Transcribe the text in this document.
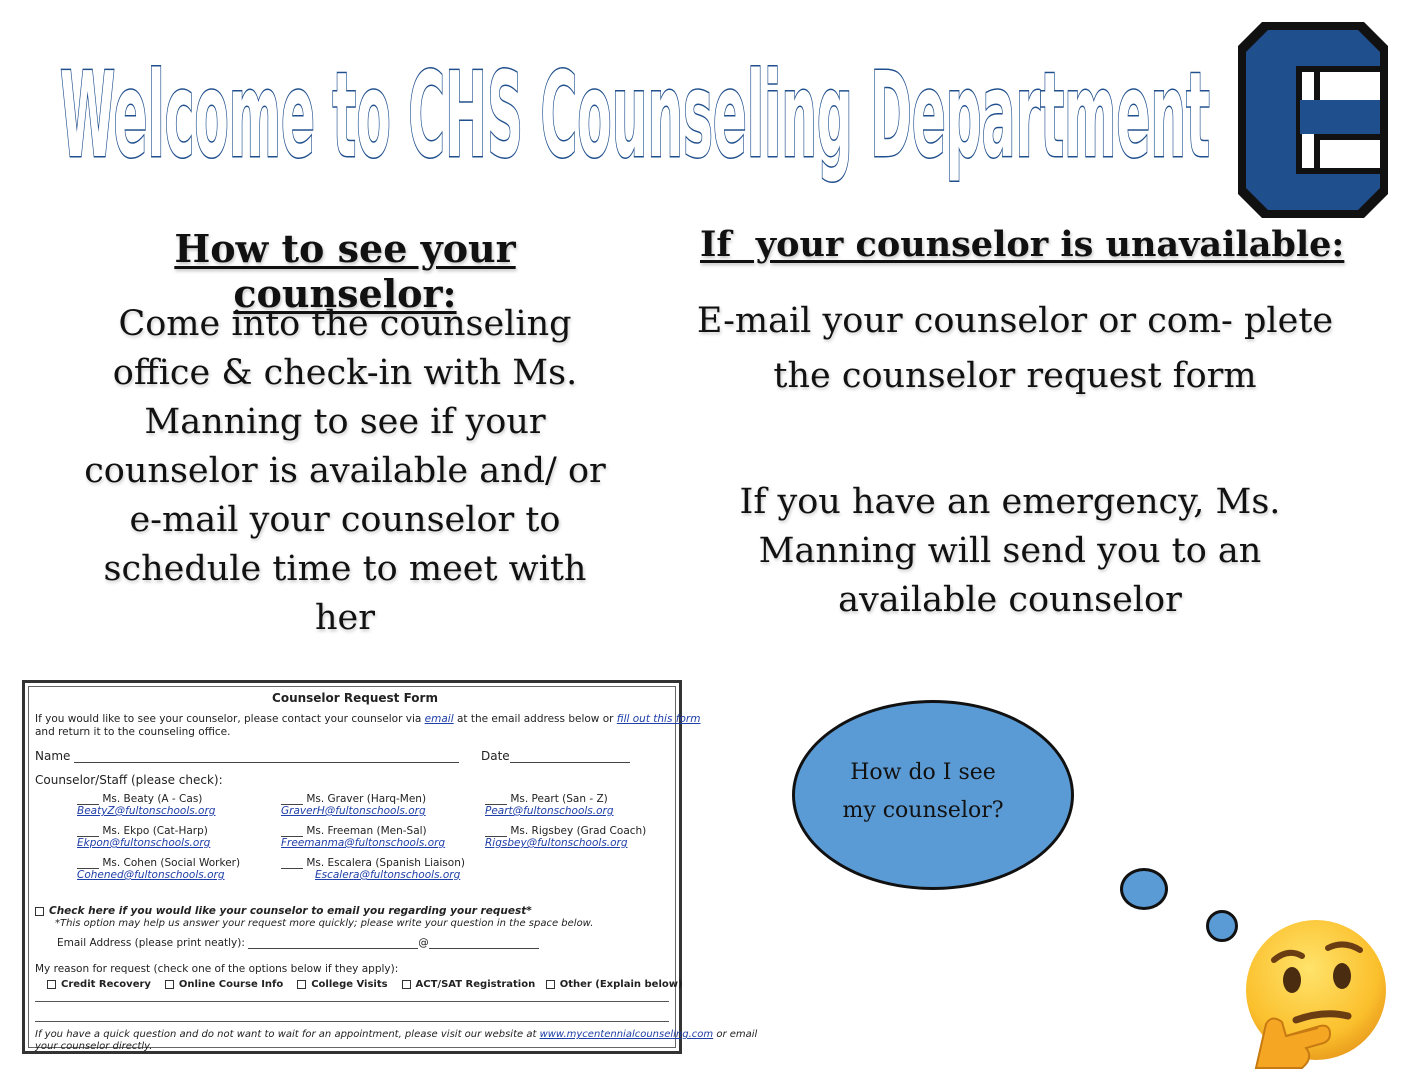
Welcome to CHS Counseling Department
How to see your counselor:
Come into the counseling office & check-in with Ms. Manning to see if your counselor is available and/ or e-mail your counselor to schedule time to meet with her
If  your counselor is unavailable:
E-mail your counselor or com- plete the counselor request form
If you have an emergency, Ms. Manning will send you to an available counselor
Counselor Request Form
If you would like to see your counselor, please contact your counselor via email at the email address below or fill out this form
and return it to the counseling office.
Name	Date
Counselor/Staff (please check):
Ms. Beaty (A - Cas)
BeatyZ@fultonschools.org
Ms. Graver (Harq-Men)
GraverH@fultonschools.org
Ms. Peart (San - Z)
Peart@fultonschools.org
Ms. Ekpo (Cat-Harp)
Ekpon@fultonschools.org
Ms. Freeman (Men-Sal)
Freemanma@fultonschools.org
Ms. Rigsbey (Grad Coach)
Rigsbey@fultonschools.org
Ms. Cohen (Social Worker)
Cohened@fultonschools.org
Ms. Escalera (Spanish Liaison)
Escalera@fultonschools.org
Check here if you would like your counselor to email you regarding your request*
*This option may help us answer your request more quickly; please write your question in the space below.
Email Address (please print neatly):	@
My reason for request (check one of the options below if they apply):
Credit Recovery	Online Course Info	College Visits	ACT/SAT Registration Other (Explain below)
If you have a quick question and do not want to wait for an appointment, please visit our website at www.mycentennialcounseling.com or email
your counselor directly.
How do I see
my counselor?
